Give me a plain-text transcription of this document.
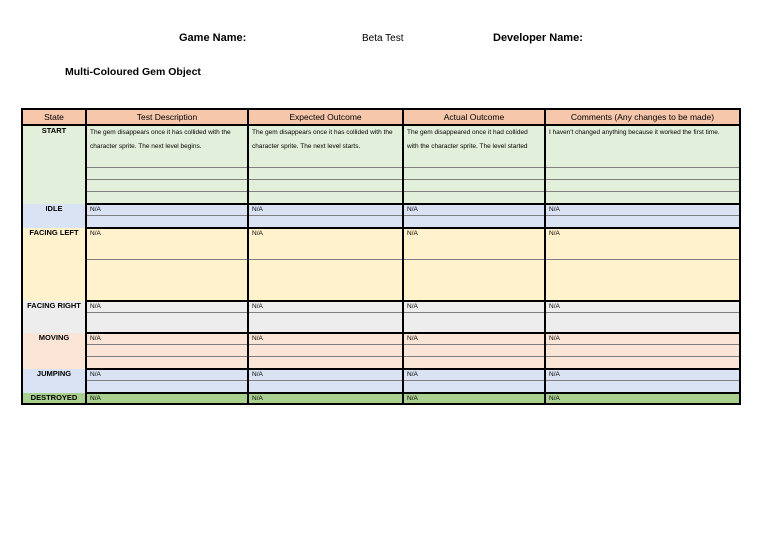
Game Name:	Beta Test	Developer Name:
Multi-Coloured Gem Object
State	Test Description	Expected Outcome	Actual Outcome	Comments (Any changes to be made)
START	The gem disappears once it has collided with the character sprite. The next level begins.	The gem disappears once it has collided with the character sprite. The next level starts.	The gem disappeared once it had collided with the character sprite. The level started	I haven't changed anything because it worked the first time.

IDLE	N/A	N/A	N/A	N/A

FACING LEFT	N/A	N/A	N/A	N/A

FACING RIGHT	N/A	N/A	N/A	N/A

MOVING	N/A	N/A	N/A	N/A

JUMPING	N/A	N/A	N/A	N/A

DESTROYED	N/A	N/A	N/A	N/A
